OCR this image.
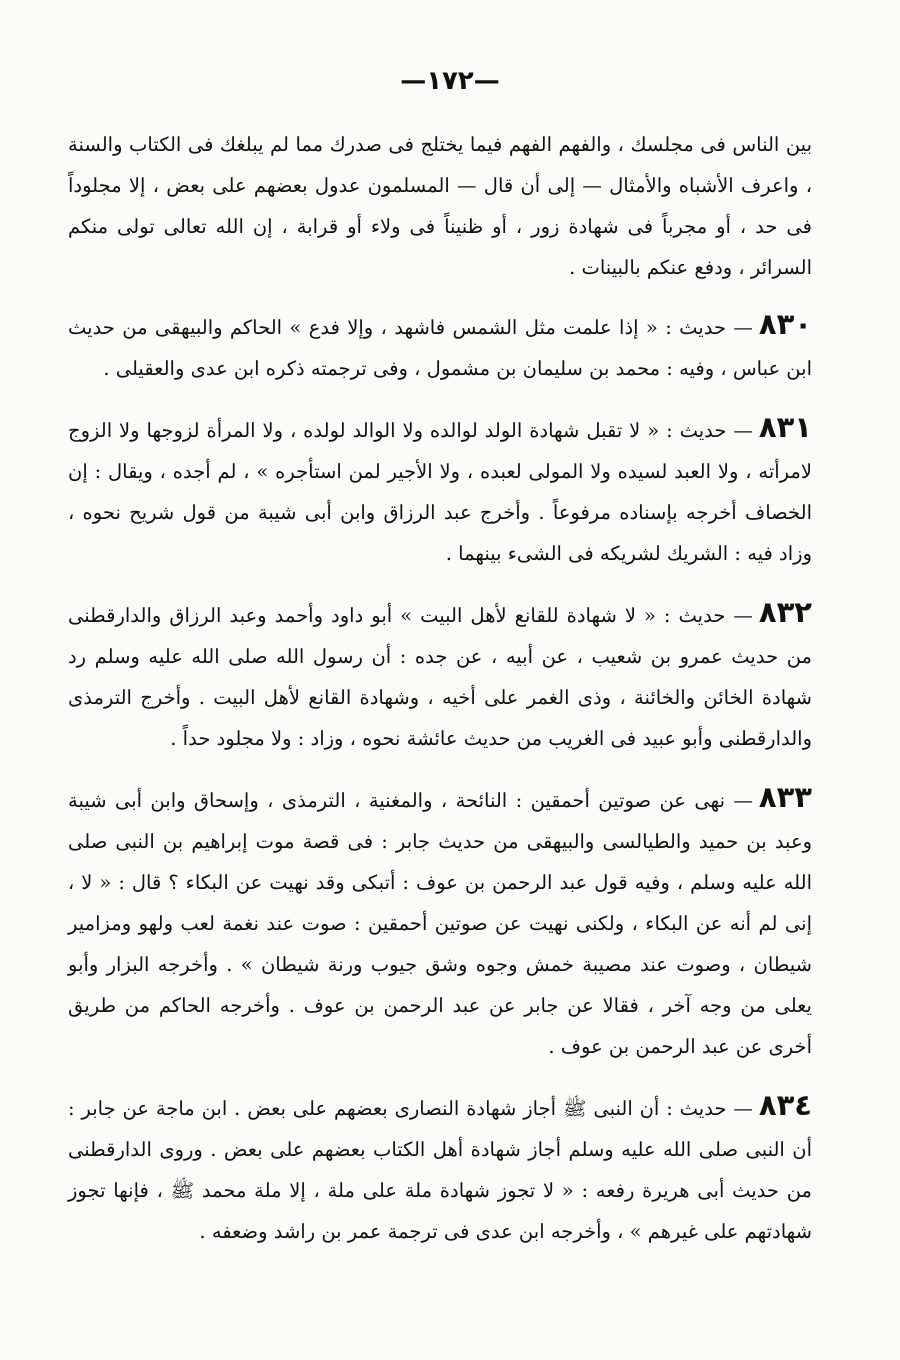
—١٧٢—

بين الناس فى مجلسك ، والفهم الفهم فيما يختلج فى صدرك مما لم يبلغك فى الكتاب والسنة ، واعرف الأشباه والأمثال — إلى أن قال — المسلمون عدول بعضهم على بعض ، إلا مجلوداً فى حد ، أو مجرباً فى شهادة زور ، أو ظنيناً فى ولاء أو قرابة ، إن الله تعالى تولى منكم السرائر ، ودفع عنكم بالبينات .

٨٣٠— حديث : « إذا علمت مثل الشمس فاشهد ، وإلا فدع » الحاكم والبيهقى من حديث ابن عباس ، وفيه : محمد بن سليمان بن مشمول ، وفى ترجمته ذكره ابن عدى والعقيلى .

٨٣١— حديث : « لا تقبل شهادة الولد لوالده ولا الوالد لولده ، ولا المرأة لزوجها ولا الزوج لامرأته ، ولا العبد لسيده ولا المولى لعبده ، ولا الأجير لمن استأجره » ، لم أجده ، ويقال : إن الخصاف أخرجه بإسناده مرفوعاً . وأخرج عبد الرزاق وابن أبى شيبة من قول شريح نحوه ، وزاد فيه : الشريك لشريكه فى الشىء بينهما .

٨٣٢— حديث : « لا شهادة للقانع لأهل البيت » أبو داود وأحمد وعبد الرزاق والدارقطنى من حديث عمرو بن شعيب ، عن أبيه ، عن جده : أن رسول الله صلى الله عليه وسلم رد شهادة الخائن والخائنة ، وذى الغمر على أخيه ، وشهادة القانع لأهل البيت . وأخرج الترمذى والدارقطنى وأبو عبيد فى الغريب من حديث عائشة نحوه ، وزاد : ولا مجلود حداً .

٨٣٣— نهى عن صوتين أحمقين : النائحة ، والمغنية ، الترمذى ، وإسحاق وابن أبى شيبة وعبد بن حميد والطيالسى والبيهقى من حديث جابر : فى قصة موت إبراهيم بن النبى صلى الله عليه وسلم ، وفيه قول عبد الرحمن بن عوف : أتبكى وقد نهيت عن البكاء ؟ قال : « لا ، إنى لم أنه عن البكاء ، ولكنى نهيت عن صوتين أحمقين : صوت عند نغمة لعب ولهو ومزامير شيطان ، وصوت عند مصيبة خمش وجوه وشق جيوب ورنة شيطان » . وأخرجه البزار وأبو يعلى من وجه آخر ، فقالا عن جابر عن عبد الرحمن بن عوف . وأخرجه الحاكم من طريق أخرى عن عبد الرحمن بن عوف .

٨٣٤— حديث : أن النبى ﷺ أجاز شهادة النصارى بعضهم على بعض . ابن ماجة عن جابر : أن النبى صلى الله عليه وسلم أجاز شهادة أهل الكتاب بعضهم على بعض . وروى الدارقطنى من حديث أبى هريرة رفعه : « لا تجوز شهادة ملة على ملة ، إلا ملة محمد ﷺ ، فإنها تجوز شهادتهم على غيرهم » ، وأخرجه ابن عدى فى ترجمة عمر بن راشد وضعفه .
